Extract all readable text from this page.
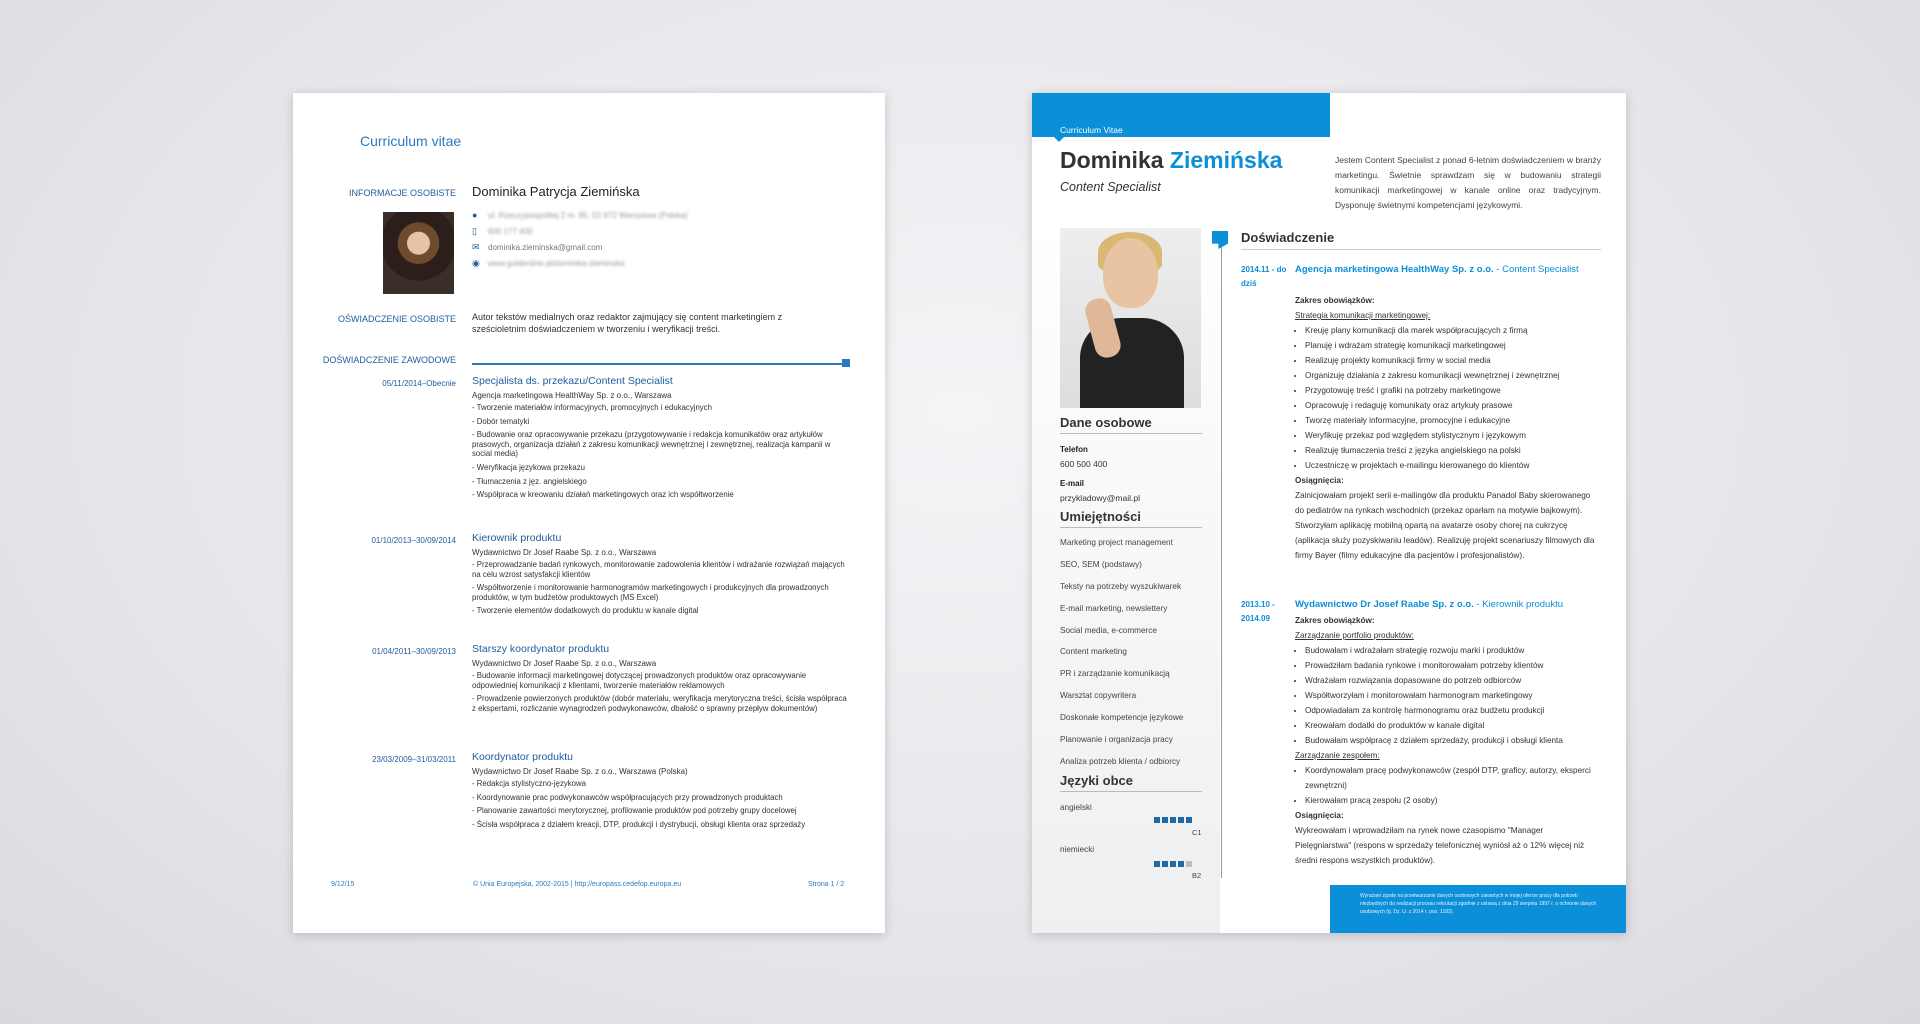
Curriculum vitae
INFORMACJE OSOBISTE Dominika Patrycja Ziemińska
● ul. Rzeczypospolitej 2 m. 85, 02-972 Warszawa (Polska)
▯ 600 177 400
✉ dominika.zieminska@gmail.com
◉ www.goldenline.pl/dominika-zieminska
OŚWIADCZENIE OSOBISTE Autor tekstów medialnych oraz redaktor zajmujący się content marketingiem z sześcioletnim doświadczeniem w tworzeniu i weryfikacji treści.
DOŚWIADCZENIE ZAWODOWE
05/11/2014–Obecnie Specjalista ds. przekazu/Content Specialist
Agencja marketingowa HealthWay Sp. z o.o., Warszawa
- Tworzenie materiałów informacyjnych, promocyjnych i edukacyjnych
- Dobór tematyki
- Budowanie oraz opracowywanie przekazu (przygotowywanie i redakcja komunikatów oraz artykułów prasowych, organizacja działań z zakresu komunikacji wewnętrznej i zewnętrznej, realizacja kampanii w social media)
- Weryfikacja językowa przekazu
- Tłumaczenia z jęz. angielskiego
- Współpraca w kreowaniu działań marketingowych oraz ich współtworzenie
01/10/2013–30/09/2014 Kierownik produktu
Wydawnictwo Dr Josef Raabe Sp. z o.o., Warszawa
- Przeprowadzanie badań rynkowych, monitorowanie zadowolenia klientów i wdrażanie rozwiązań mających na celu wzrost satysfakcji klientów
- Współtworzenie i monitorowanie harmonogramów marketingowych i produkcyjnych dla prowadzonych produktów, w tym budżetów produktowych (MS Excel)
- Tworzenie elementów dodatkowych do produktu w kanale digital
01/04/2011–30/09/2013 Starszy koordynator produktu
Wydawnictwo Dr Josef Raabe Sp. z o.o., Warszawa
- Budowanie informacji marketingowej dotyczącej prowadzonych produktów oraz opracowywanie odpowiedniej komunikacji z klientami, tworzenie materiałów reklamowych
- Prowadzenie powierzonych produktów (dobór materiału, weryfikacja merytoryczna treści, ścisła współpraca z ekspertami, rozliczanie wynagrodzeń podwykonawców, dbałość o sprawny przepływ dokumentów)
23/03/2009–31/03/2011 Koordynator produktu
Wydawnictwo Dr Josef Raabe Sp. z o.o., Warszawa (Polska)
- Redakcja stylistyczno-językowa
- Koordynowanie prac podwykonawców współpracujących przy prowadzonych produktach
- Planowanie zawartości merytorycznej, profilowanie produktów pod potrzeby grupy docelowej
- Ścisła współpraca z działem kreacji, DTP, produkcji i dystrybucji, obsługi klienta oraz sprzedaży
9/12/15	© Unia Europejska, 2002-2015 | http://europass.cedefop.europa.eu	Strona 1 / 2
Curriculum Vitae
Dominika Ziemińska
Content Specialist
Jestem Content Specialist z ponad 6-letnim doświadczeniem w branży marketingu. Świetnie sprawdzam się w budowaniu strategii komunikacji marketingowej w kanale online oraz tradycyjnym. Dysponuję świetnymi kompetencjami językowymi.
Dane osobowe
Telefon
600 500 400
E-mail
przykladowy@mail.pl
Umiejętności
Marketing project management
SEO, SEM (podstawy)
Teksty na potrzeby wyszukiwarek
E-mail marketing, newslettery
Social media, e-commerce
Content marketing
PR i zarządzanie komunikacją
Warsztat copywritera
Doskonałe kompetencje językowe
Planowanie i organizacja pracy
Analiza potrzeb klienta / odbiorcy
Języki obce
angielski
C1
niemiecki
B2
Doświadczenie
2014.11 - do dziś
Agencja marketingowa HealthWay Sp. z o.o. - Content Specialist
Zakres obowiązków:
Strategia komunikacji marketingowej:
• Kreuję plany komunikacji dla marek współpracujących z firmą
• Planuję i wdrażam strategię komunikacji marketingowej
• Realizuję projekty komunikacji firmy w social media
• Organizuję działania z zakresu komunikacji wewnętrznej i zewnętrznej
• Przygotowuję treść i grafiki na potrzeby marketingowe
• Opracowuję i redaguję komunikaty oraz artykuły prasowe
• Tworzę materiały informacyjne, promocyjne i edukacyjne
• Weryfikuję przekaz pod względem stylistycznym i językowym
• Realizuję tłumaczenia treści z języka angielskiego na polski
• Uczestniczę w projektach e-mailingu kierowanego do klientów
Osiągnięcia:
Zainicjowałam projekt serii e-mailingów dla produktu Panadol Baby skierowanego do pediatrów na rynkach wschodnich (przekaz oparłam na motywie bajkowym). Stworzyłam aplikację mobilną opartą na avatarze osoby chorej na cukrzycę (aplikacja służy pozyskiwaniu leadów). Realizuję projekt scenariuszy filmowych dla firmy Bayer (filmy edukacyjne dla pacjentów i profesjonalistów).
2013.10 - 2014.09
Wydawnictwo Dr Josef Raabe Sp. z o.o. - Kierownik produktu
Zakres obowiązków:
Zarządzanie portfolio produktów:
• Budowałam i wdrażałam strategię rozwoju marki i produktów
• Prowadziłam badania rynkowe i monitorowałam potrzeby klientów
• Wdrażałam rozwiązania dopasowane do potrzeb odbiorców
• Współtworzyłam i monitorowałam harmonogram marketingowy
• Odpowiadałam za kontrolę harmonogramu oraz budżetu produkcji
• Kreowałam dodatki do produktów w kanale digital
• Budowałam współpracę z działem sprzedaży, produkcji i obsługi klienta
Zarządzanie zespołem:
• Koordynowałam pracę podwykonawców (zespół DTP, graficy, autorzy, eksperci zewnętrzni)
• Kierowałam pracą zespołu (2 osoby)
Osiągnięcia:
Wykreowałam i wprowadziłam na rynek nowe czasopismo "Manager Pielęgniarstwa" (respons w sprzedaży telefonicznej wyniósł aż o 12% więcej niż średni respons wszystkich produktów).

Wyrażam zgodę na przetwarzanie danych osobowych zawartych w mojej ofercie pracy dla potrzeb niezbędnych do realizacji procesu rekrutacji zgodnie z ustawą z dnia 29 sierpnia 1997 r. o ochronie danych osobowych (tj. Dz. U. z 2014 r. poz. 1182).
